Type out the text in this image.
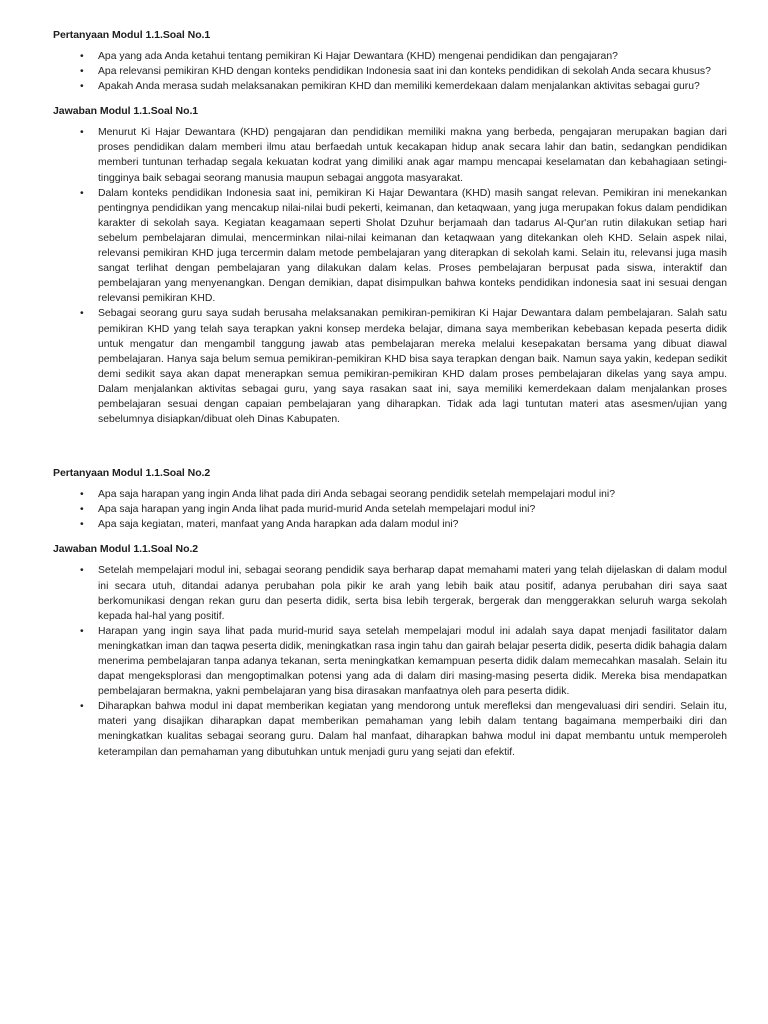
Pertanyaan Modul 1.1.Soal No.1
• Apa yang ada Anda ketahui tentang pemikiran Ki Hajar Dewantara (KHD) mengenai pendidikan dan pengajaran?
• Apa relevansi pemikiran KHD dengan konteks pendidikan Indonesia saat ini dan konteks pendidikan di sekolah Anda secara khusus?
• Apakah Anda merasa sudah melaksanakan pemikiran KHD dan memiliki kemerdekaan dalam menjalankan aktivitas sebagai guru?
Jawaban Modul 1.1.Soal No.1
• Menurut Ki Hajar Dewantara (KHD) pengajaran dan pendidikan memiliki makna yang berbeda, pengajaran merupakan bagian dari proses pendidikan dalam memberi ilmu atau berfaedah untuk kecakapan hidup anak secara lahir dan batin, sedangkan pendidikan memberi tuntunan terhadap segala kekuatan kodrat yang dimiliki anak agar mampu mencapai keselamatan dan kebahagiaan setingi-tingginya baik sebagai seorang manusia maupun sebagai anggota masyarakat.
• Dalam konteks pendidikan Indonesia saat ini, pemikiran Ki Hajar Dewantara (KHD) masih sangat relevan. Pemikiran ini menekankan pentingnya pendidikan yang mencakup nilai-nilai budi pekerti, keimanan, dan ketaqwaan, yang juga merupakan fokus dalam pendidikan karakter di sekolah saya. Kegiatan keagamaan seperti Sholat Dzuhur berjamaah dan tadarus Al-Qur'an rutin dilakukan setiap hari sebelum pembelajaran dimulai, mencerminkan nilai-nilai keimanan dan ketaqwaan yang ditekankan oleh KHD. Selain aspek nilai, relevansi pemikiran KHD juga tercermin dalam metode pembelajaran yang diterapkan di sekolah kami. Selain itu, relevansi juga masih sangat terlihat dengan pembelajaran yang dilakukan dalam kelas. Proses pembelajaran berpusat pada siswa, interaktif dan pembelajaran yang menyenangkan. Dengan demikian, dapat disimpulkan bahwa konteks pendidikan indonesia saat ini sesuai dengan relevansi pemikiran KHD.
• Sebagai seorang guru saya sudah berusaha melaksanakan pemikiran-pemikiran Ki Hajar Dewantara dalam pembelajaran. Salah satu pemikiran KHD yang telah saya terapkan yakni konsep merdeka belajar, dimana saya memberikan kebebasan kepada peserta didik untuk mengatur dan mengambil tanggung jawab atas pembelajaran mereka melalui kesepakatan bersama yang dibuat diawal pembelajaran. Hanya saja belum semua pemikiran-pemikiran KHD bisa saya terapkan dengan baik. Namun saya yakin, kedepan sedikit demi sedikit saya akan dapat menerapkan semua pemikiran-pemikiran KHD dalam proses pembelajaran dikelas yang saya ampu. Dalam menjalankan aktivitas sebagai guru, yang saya rasakan saat ini, saya memiliki kemerdekaan dalam menjalankan proses pembelajaran sesuai dengan capaian pembelajaran yang diharapkan. Tidak ada lagi tuntutan materi atas asesmen/ujian yang sebelumnya disiapkan/dibuat oleh Dinas Kabupaten.
Pertanyaan Modul 1.1.Soal No.2
• Apa saja harapan yang ingin Anda lihat pada diri Anda sebagai seorang pendidik setelah mempelajari modul ini?
• Apa saja harapan yang ingin Anda lihat pada murid-murid Anda setelah mempelajari modul ini?
• Apa saja kegiatan, materi, manfaat yang Anda harapkan ada dalam modul ini?
Jawaban Modul 1.1.Soal No.2
• Setelah mempelajari modul ini, sebagai seorang pendidik saya berharap dapat memahami materi yang telah dijelaskan di dalam modul ini secara utuh, ditandai adanya perubahan pola pikir ke arah yang lebih baik atau positif, adanya perubahan diri saya saat berkomunikasi dengan rekan guru dan peserta didik, serta bisa lebih tergerak, bergerak dan menggerakkan seluruh warga sekolah kepada hal-hal yang positif.
• Harapan yang ingin saya lihat pada murid-murid saya setelah mempelajari modul ini adalah saya dapat menjadi fasilitator dalam meningkatkan iman dan taqwa peserta didik, meningkatkan rasa ingin tahu dan gairah belajar peserta didik, peserta didik bahagia dalam menerima pembelajaran tanpa adanya tekanan, serta meningkatkan kemampuan peserta didik dalam memecahkan masalah. Selain itu dapat mengeksplorasi dan mengoptimalkan potensi yang ada di dalam diri masing-masing peserta didik. Mereka bisa mendapatkan pembelajaran bermakna, yakni pembelajaran yang bisa dirasakan manfaatnya oleh para peserta didik.
• Diharapkan bahwa modul ini dapat memberikan kegiatan yang mendorong untuk merefleksi dan mengevaluasi diri sendiri. Selain itu, materi yang disajikan diharapkan dapat memberikan pemahaman yang lebih dalam tentang bagaimana memperbaiki diri dan meningkatkan kualitas sebagai seorang guru. Dalam hal manfaat, diharapkan bahwa modul ini dapat membantu untuk memperoleh keterampilan dan pemahaman yang dibutuhkan untuk menjadi guru yang sejati dan efektif.
